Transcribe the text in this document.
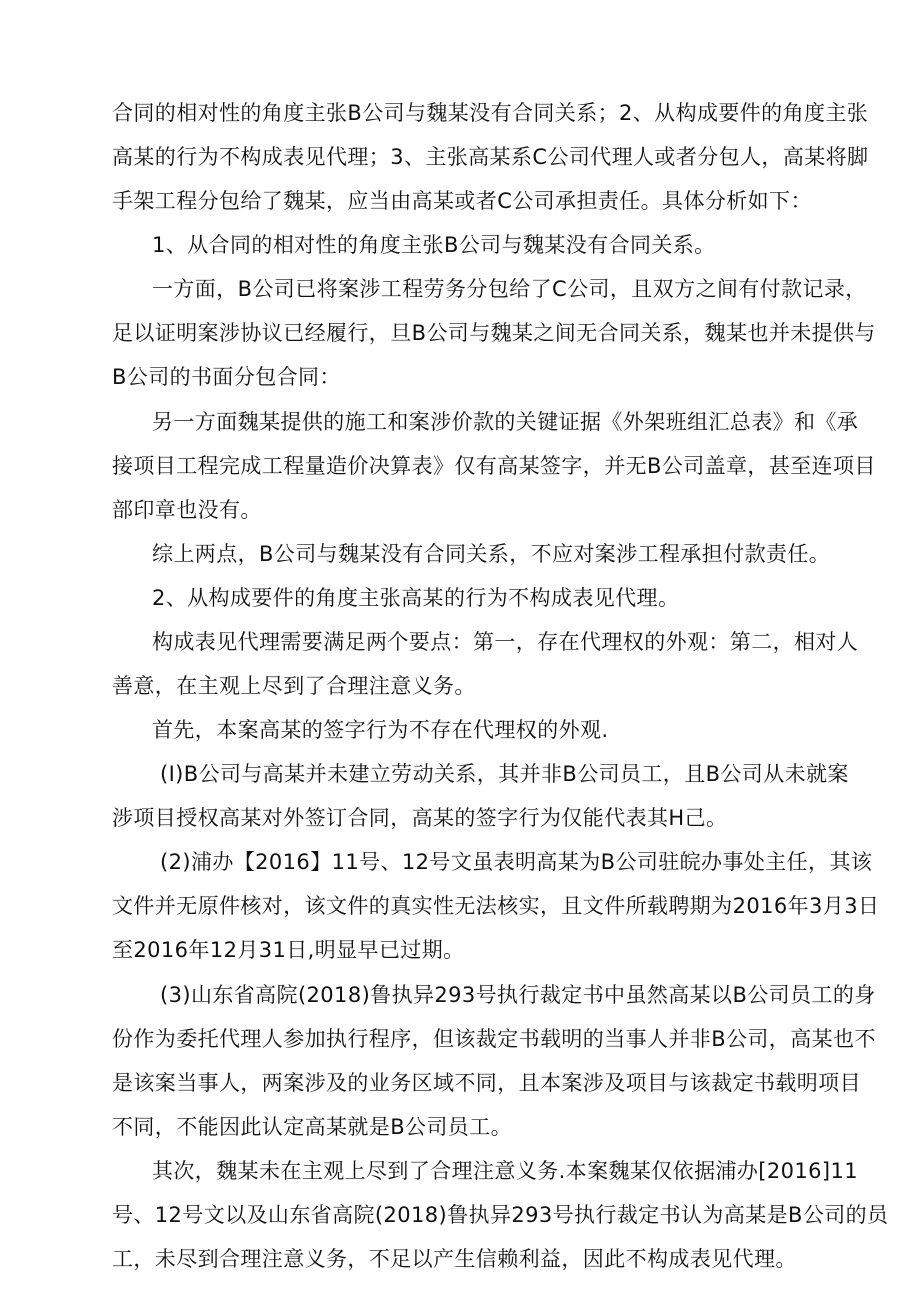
合同的相对性的角度主张B公司与魏某没有合同关系；2、从构成要件的角度主张
高某的行为不构成表见代理；3、主张高某系C公司代理人或者分包人，高某将脚
手架工程分包给了魏某，应当由高某或者C公司承担责任。具体分析如下：
1、从合同的相对性的角度主张B公司与魏某没有合同关系。
一方面，B公司已将案涉工程劳务分包给了C公司，且双方之间有付款记录，
足以证明案涉协议已经履行，旦B公司与魏某之间无合同关系，魏某也并未提供与
B公司的书面分包合同：
另一方面魏某提供的施工和案涉价款的关键证据《外架班组汇总表》和《承
接项目工程完成工程量造价决算表》仅有高某签字，并无B公司盖章，甚至连项目
部印章也没有。
综上两点，B公司与魏某没有合同关系，不应对案涉工程承担付款责任。
2、从构成要件的角度主张高某的行为不构成表见代理。
构成表见代理需要满足两个要点：第一，存在代理权的外观：第二，相对人
善意，在主观上尽到了合理注意义务。
首先，本案高某的签字行为不存在代理权的外观.
(I)B公司与高某并未建立劳动关系，其并非B公司员工，且B公司从未就案
涉项目授权高某对外签订合同，高某的签字行为仅能代表其H己。
(2)浦办【2016】11号、12号文虽表明高某为B公司驻皖办事处主任，其该
文件并无原件核对，该文件的真实性无法核实，且文件所载聘期为2016年3月3日
至2016年12月31日,明显早已过期。
(3)山东省高院(2018)鲁执异293号执行裁定书中虽然高某以B公司员工的身
份作为委托代理人参加执行程序，但该裁定书载明的当事人并非B公司，高某也不
是该案当事人，两案涉及的业务区域不同，且本案涉及项目与该裁定书载明项目
不同，不能因此认定高某就是B公司员工。
其次，魏某未在主观上尽到了合理注意义务.本案魏某仅依据浦办[2016]11
号、12号文以及山东省高院(2018)鲁执异293号执行裁定书认为高某是B公司的员
工，未尽到合理注意义务，不足以产生信赖利益，因此不构成表见代理。
